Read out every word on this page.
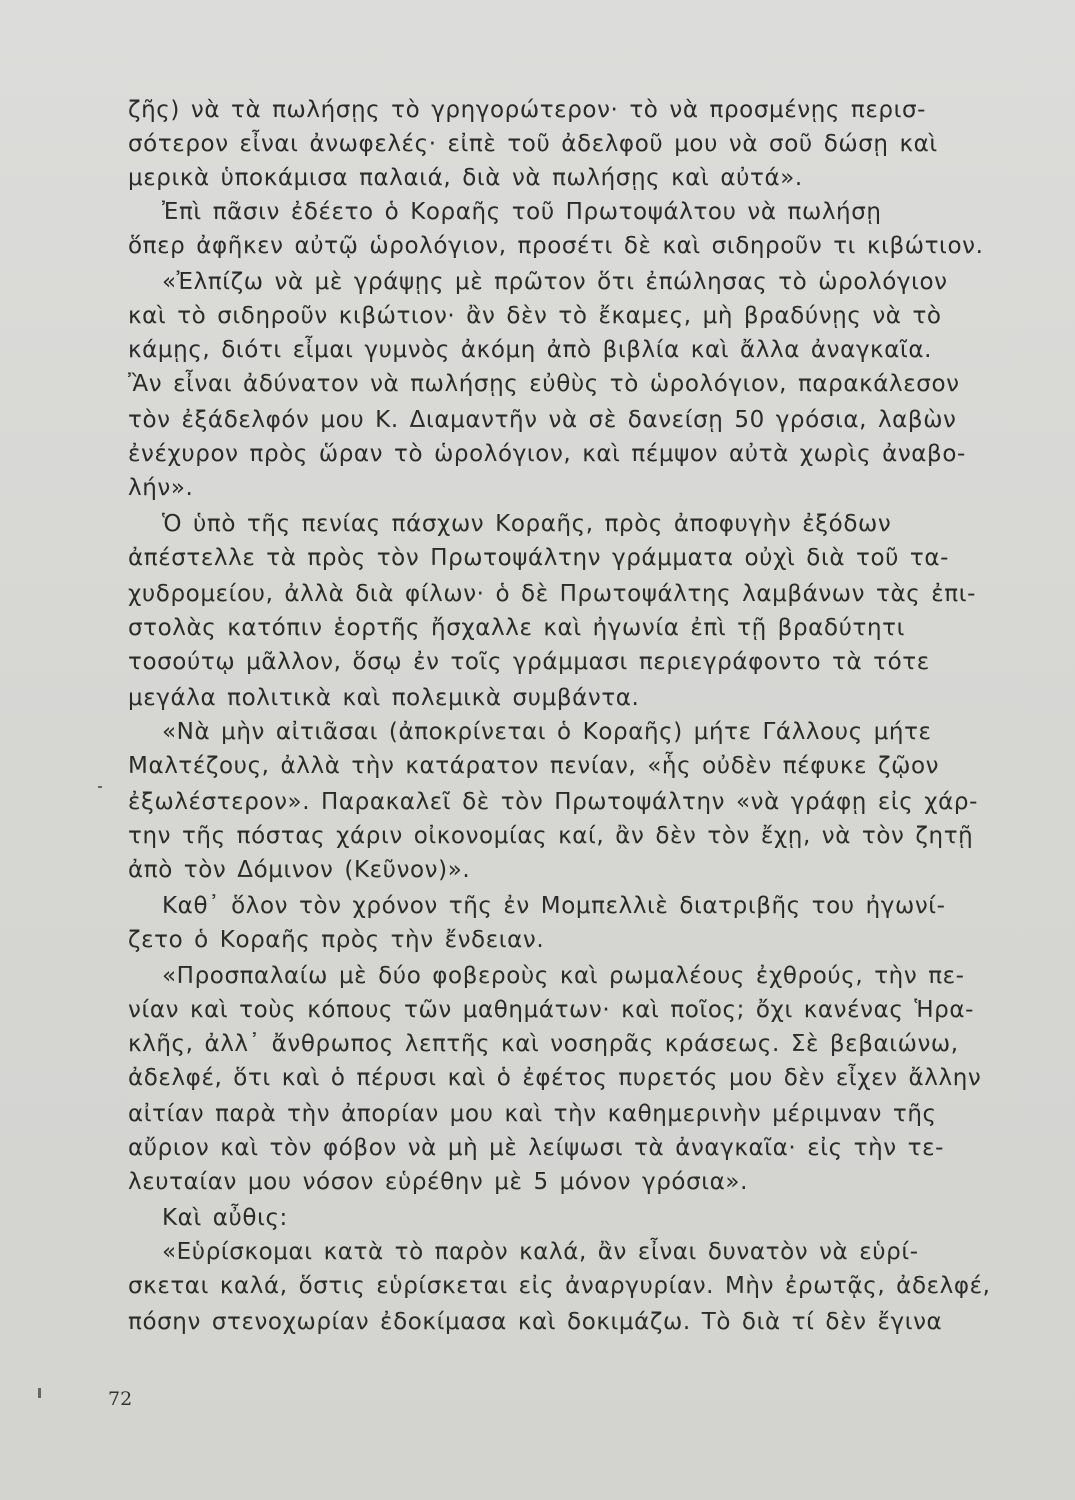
ζῆς) νὰ τὰ πωλήσῃς τὸ γρηγορώτερον· τὸ νὰ προσμένῃς περισ-
σότερον εἶναι ἀνωφελές· εἰπὲ τοῦ ἀδελφοῦ μου νὰ σοῦ δώσῃ καὶ
μερικὰ ὑποκάμισα παλαιά, διὰ νὰ πωλήσῃς καὶ αὐτά».
Ἐπὶ πᾶσιν ἐδέετο ὁ Κοραῆς τοῦ Πρωτοψάλτου νὰ πωλήσῃ
ὅπερ ἀφῆκεν αὐτῷ ὡρολόγιον, προσέτι δὲ καὶ σιδηροῦν τι κιβώτιον.
«Ἐλπίζω νὰ μὲ γράψῃς μὲ πρῶτον ὅτι ἐπώλησας τὸ ὡρολόγιον
καὶ τὸ σιδηροῦν κιβώτιον· ἂν δὲν τὸ ἔκαμες, μὴ βραδύνῃς νὰ τὸ
κάμῃς, διότι εἶμαι γυμνὸς ἀκόμη ἀπὸ βιβλία καὶ ἄλλα ἀναγκαῖα.
Ἂν εἶναι ἀδύνατον νὰ πωλήσῃς εὐθὺς τὸ ὡρολόγιον, παρακάλεσον
τὸν ἐξάδελφόν μου Κ. Διαμαντῆν νὰ σὲ δανείσῃ 50 γρόσια, λαβὼν
ἐνέχυρον πρὸς ὥραν τὸ ὡρολόγιον, καὶ πέμψον αὐτὰ χωρὶς ἀναβο-
λήν».
Ὁ ὑπὸ τῆς πενίας πάσχων Κοραῆς, πρὸς ἀποφυγὴν ἐξόδων
ἀπέστελλε τὰ πρὸς τὸν Πρωτοψάλτην γράμματα οὐχὶ διὰ τοῦ τα-
χυδρομείου, ἀλλὰ διὰ φίλων· ὁ δὲ Πρωτοψάλτης λαμβάνων τὰς ἐπι-
στολὰς κατόπιν ἑορτῆς ἤσχαλλε καὶ ἠγωνία ἐπὶ τῇ βραδύτητι
τοσούτῳ μᾶλλον, ὅσῳ ἐν τοῖς γράμμασι περιεγράφοντο τὰ τότε
μεγάλα πολιτικὰ καὶ πολεμικὰ συμβάντα.
«Νὰ μὴν αἰτιᾶσαι (ἀποκρίνεται ὁ Κοραῆς) μήτε Γάλλους μήτε
Μαλτέζους, ἀλλὰ τὴν κατάρατον πενίαν, «ἧς οὐδὲν πέφυκε ζῷον
ἐξωλέστερον». Παρακαλεῖ δὲ τὸν Πρωτοψάλτην «νὰ γράφῃ εἰς χάρ-
την τῆς πόστας χάριν οἰκονομίας καί, ἂν δὲν τὸν ἔχῃ, νὰ τὸν ζητῇ
ἀπὸ τὸν Δόμινον (Κεῦνον)».
Καθ᾽ ὅλον τὸν χρόνον τῆς ἐν Μομπελλιὲ διατριβῆς του ἠγωνί-
ζετο ὁ Κοραῆς πρὸς τὴν ἔνδειαν.
«Προσπαλαίω μὲ δύο φοβεροὺς καὶ ρωμαλέους ἐχθρούς, τὴν πε-
νίαν καὶ τοὺς κόπους τῶν μαθημάτων· καὶ ποῖος; ὄχι κανένας Ἡρα-
κλῆς, ἀλλ᾽ ἄνθρωπος λεπτῆς καὶ νοσηρᾶς κράσεως. Σὲ βεβαιώνω,
ἀδελφέ, ὅτι καὶ ὁ πέρυσι καὶ ὁ ἐφέτος πυρετός μου δὲν εἶχεν ἄλλην
αἰτίαν παρὰ τὴν ἀπορίαν μου καὶ τὴν καθημερινὴν μέριμναν τῆς
αὔριον καὶ τὸν φόβον νὰ μὴ μὲ λείψωσι τὰ ἀναγκαῖα· εἰς τὴν τε-
λευταίαν μου νόσον εὑρέθην μὲ 5 μόνον γρόσια».
Καὶ αὖθις:
«Εὑρίσκομαι κατὰ τὸ παρὸν καλά, ἂν εἶναι δυνατὸν νὰ εὑρί-
σκεται καλά, ὅστις εὑρίσκεται εἰς ἀναργυρίαν. Μὴν ἐρωτᾷς, ἀδελφέ,
πόσην στενοχωρίαν ἐδοκίμασα καὶ δοκιμάζω. Τὸ διὰ τί δὲν ἔγινα
72
